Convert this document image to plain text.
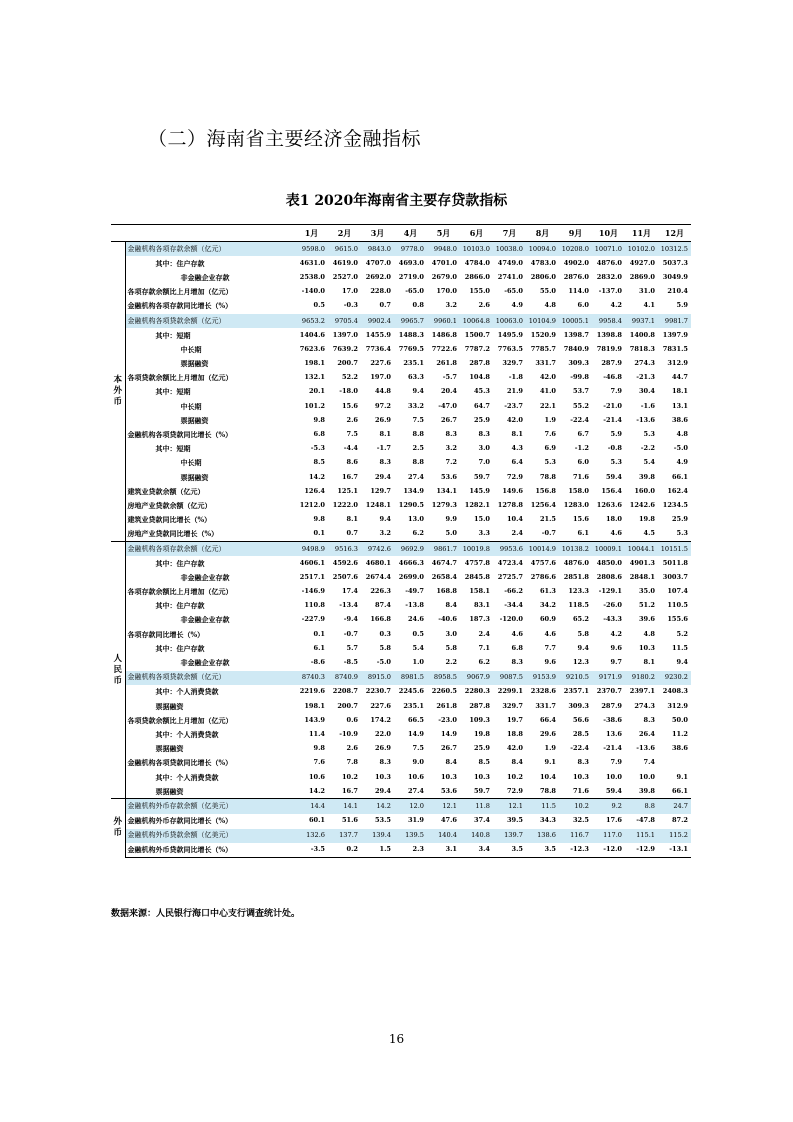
（二）海南省主要经济金融指标
表1 2020年海南省主要存贷款指标
		1月	2月	3月	4月	5月	6月	7月	8月	9月	10月	11月	12月

本
外
币	金融机构各项存款余额（亿元）	9598.0	9615.0	9843.0	9778.0	9948.0	10103.0	10038.0	10094.0	10208.0	10071.0	10102.0	10312.5
	其中：住户存款	4631.0	4619.0	4707.0	4693.0	4701.0	4784.0	4749.0	4783.0	4902.0	4876.0	4927.0	5037.3
	非金融企业存款	2538.0	2527.0	2692.0	2719.0	2679.0	2866.0	2741.0	2806.0	2876.0	2832.0	2869.0	3049.9
	各项存款余额比上月增加（亿元）	-140.0	17.0	228.0	-65.0	170.0	155.0	-65.0	55.0	114.0	-137.0	31.0	210.4
	金融机构各项存款同比增长（%）	0.5	-0.3	0.7	0.8	3.2	2.6	4.9	4.8	6.0	4.2	4.1	5.9
	金融机构各项贷款余额（亿元）	9653.2	9705.4	9902.4	9965.7	9960.1	10064.8	10063.0	10104.9	10005.1	9958.4	9937.1	9981.7
	其中：短期	1404.6	1397.0	1455.9	1488.3	1486.8	1500.7	1495.9	1520.9	1398.7	1398.8	1400.8	1397.9
	中长期	7623.6	7639.2	7736.4	7769.5	7722.6	7787.2	7763.5	7785.7	7840.9	7819.9	7818.3	7831.5
	票据融资	198.1	200.7	227.6	235.1	261.8	287.8	329.7	331.7	309.3	287.9	274.3	312.9
	各项贷款余额比上月增加（亿元）	132.1	52.2	197.0	63.3	-5.7	104.8	-1.8	42.0	-99.8	-46.8	-21.3	44.7
	其中：短期	20.1	-18.0	44.8	9.4	20.4	45.3	21.9	41.0	53.7	7.9	30.4	18.1
	中长期	101.2	15.6	97.2	33.2	-47.0	64.7	-23.7	22.1	55.2	-21.0	-1.6	13.1
	票据融资	9.8	2.6	26.9	7.5	26.7	25.9	42.0	1.9	-22.4	-21.4	-13.6	38.6
	金融机构各项贷款同比增长（%）	6.8	7.5	8.1	8.8	8.3	8.3	8.1	7.6	6.7	5.9	5.3	4.8
	其中：短期	-5.3	-4.4	-1.7	2.5	3.2	3.0	4.3	6.9	-1.2	-0.8	-2.2	-5.0
	中长期	8.5	8.6	8.3	8.8	7.2	7.0	6.4	5.3	6.0	5.3	5.4	4.9
	票据融资	14.2	16.7	29.4	27.4	53.6	59.7	72.9	78.8	71.6	59.4	39.8	66.1
	建筑业贷款余额（亿元）	126.4	125.1	129.7	134.9	134.1	145.9	149.6	156.8	158.0	156.4	160.0	162.4
	房地产业贷款余额（亿元）	1212.0	1222.0	1248.1	1290.5	1279.3	1282.1	1278.8	1256.4	1283.0	1263.6	1242.6	1234.5
	建筑业贷款同比增长（%）	9.8	8.1	9.4	13.0	9.9	15.0	10.4	21.5	15.6	18.0	19.8	25.9
	房地产业贷款同比增长（%）	0.1	0.7	3.2	6.2	5.0	3.3	2.4	-0.7	6.1	4.6	4.5	5.3

人
民
币	金融机构各项存款余额（亿元）	9498.9	9516.3	9742.6	9692.9	9861.7	10019.8	9953.6	10014.9	10138.2	10009.1	10044.1	10151.5
	其中：住户存款	4606.1	4592.6	4680.1	4666.3	4674.7	4757.8	4723.4	4757.6	4876.0	4850.0	4901.3	5011.8
	非金融企业存款	2517.1	2507.6	2674.4	2699.0	2658.4	2845.8	2725.7	2786.6	2851.8	2808.6	2848.1	3003.7
	各项存款余额比上月增加（亿元）	-146.9	17.4	226.3	-49.7	168.8	158.1	-66.2	61.3	123.3	-129.1	35.0	107.4
	其中：住户存款	110.8	-13.4	87.4	-13.8	8.4	83.1	-34.4	34.2	118.5	-26.0	51.2	110.5
	非金融企业存款	-227.9	-9.4	166.8	24.6	-40.6	187.3	-120.0	60.9	65.2	-43.3	39.6	155.6
	各项存款同比增长（%）	0.1	-0.7	0.3	0.5	3.0	2.4	4.6	4.6	5.8	4.2	4.8	5.2
	其中：住户存款	6.1	5.7	5.8	5.4	5.8	7.1	6.8	7.7	9.4	9.6	10.3	11.5
	非金融企业存款	-8.6	-8.5	-5.0	1.0	2.2	6.2	8.3	9.6	12.3	9.7	8.1	9.4
	金融机构各项贷款余额（亿元）	8740.3	8740.9	8915.0	8981.5	8958.5	9067.9	9087.5	9153.9	9210.5	9171.9	9180.2	9230.2
	其中：个人消费贷款	2219.6	2208.7	2230.7	2245.6	2260.5	2280.3	2299.1	2328.6	2357.1	2370.7	2397.1	2408.3
	票据融资	198.1	200.7	227.6	235.1	261.8	287.8	329.7	331.7	309.3	287.9	274.3	312.9
	各项贷款余额比上月增加（亿元）	143.9	0.6	174.2	66.5	-23.0	109.3	19.7	66.4	56.6	-38.6	8.3	50.0
	其中：个人消费贷款	11.4	-10.9	22.0	14.9	14.9	19.8	18.8	29.6	28.5	13.6	26.4	11.2
	票据融资	9.8	2.6	26.9	7.5	26.7	25.9	42.0	1.9	-22.4	-21.4	-13.6	38.6
	金融机构各项贷款同比增长（%）	7.6	7.8	8.3	9.0	8.4	8.5	8.4	9.1	8.3	7.9	7.4	
	其中：个人消费贷款	10.6	10.2	10.3	10.6	10.3	10.3	10.2	10.4	10.3	10.0	10.0	9.1
	票据融资	14.2	16.7	29.4	27.4	53.6	59.7	72.9	78.8	71.6	59.4	39.8	66.1

外
币	金融机构外币存款余额（亿美元）	14.4	14.1	14.2	12.0	12.1	11.8	12.1	11.5	10.2	9.2	8.8	24.7
	金融机构外币存款同比增长（%）	60.1	51.6	53.5	31.9	47.6	37.4	39.5	34.3	32.5	17.6	-47.8	87.2
	金融机构外币贷款余额（亿美元）	132.6	137.7	139.4	139.5	140.4	140.8	139.7	138.6	116.7	117.0	115.1	115.2
	金融机构外币贷款同比增长（%）	-3.5	0.2	1.5	2.3	3.1	3.4	3.5	3.5	-12.3	-12.0	-12.9	-13.1
数据来源：人民银行海口中心支行调查统计处。
16
